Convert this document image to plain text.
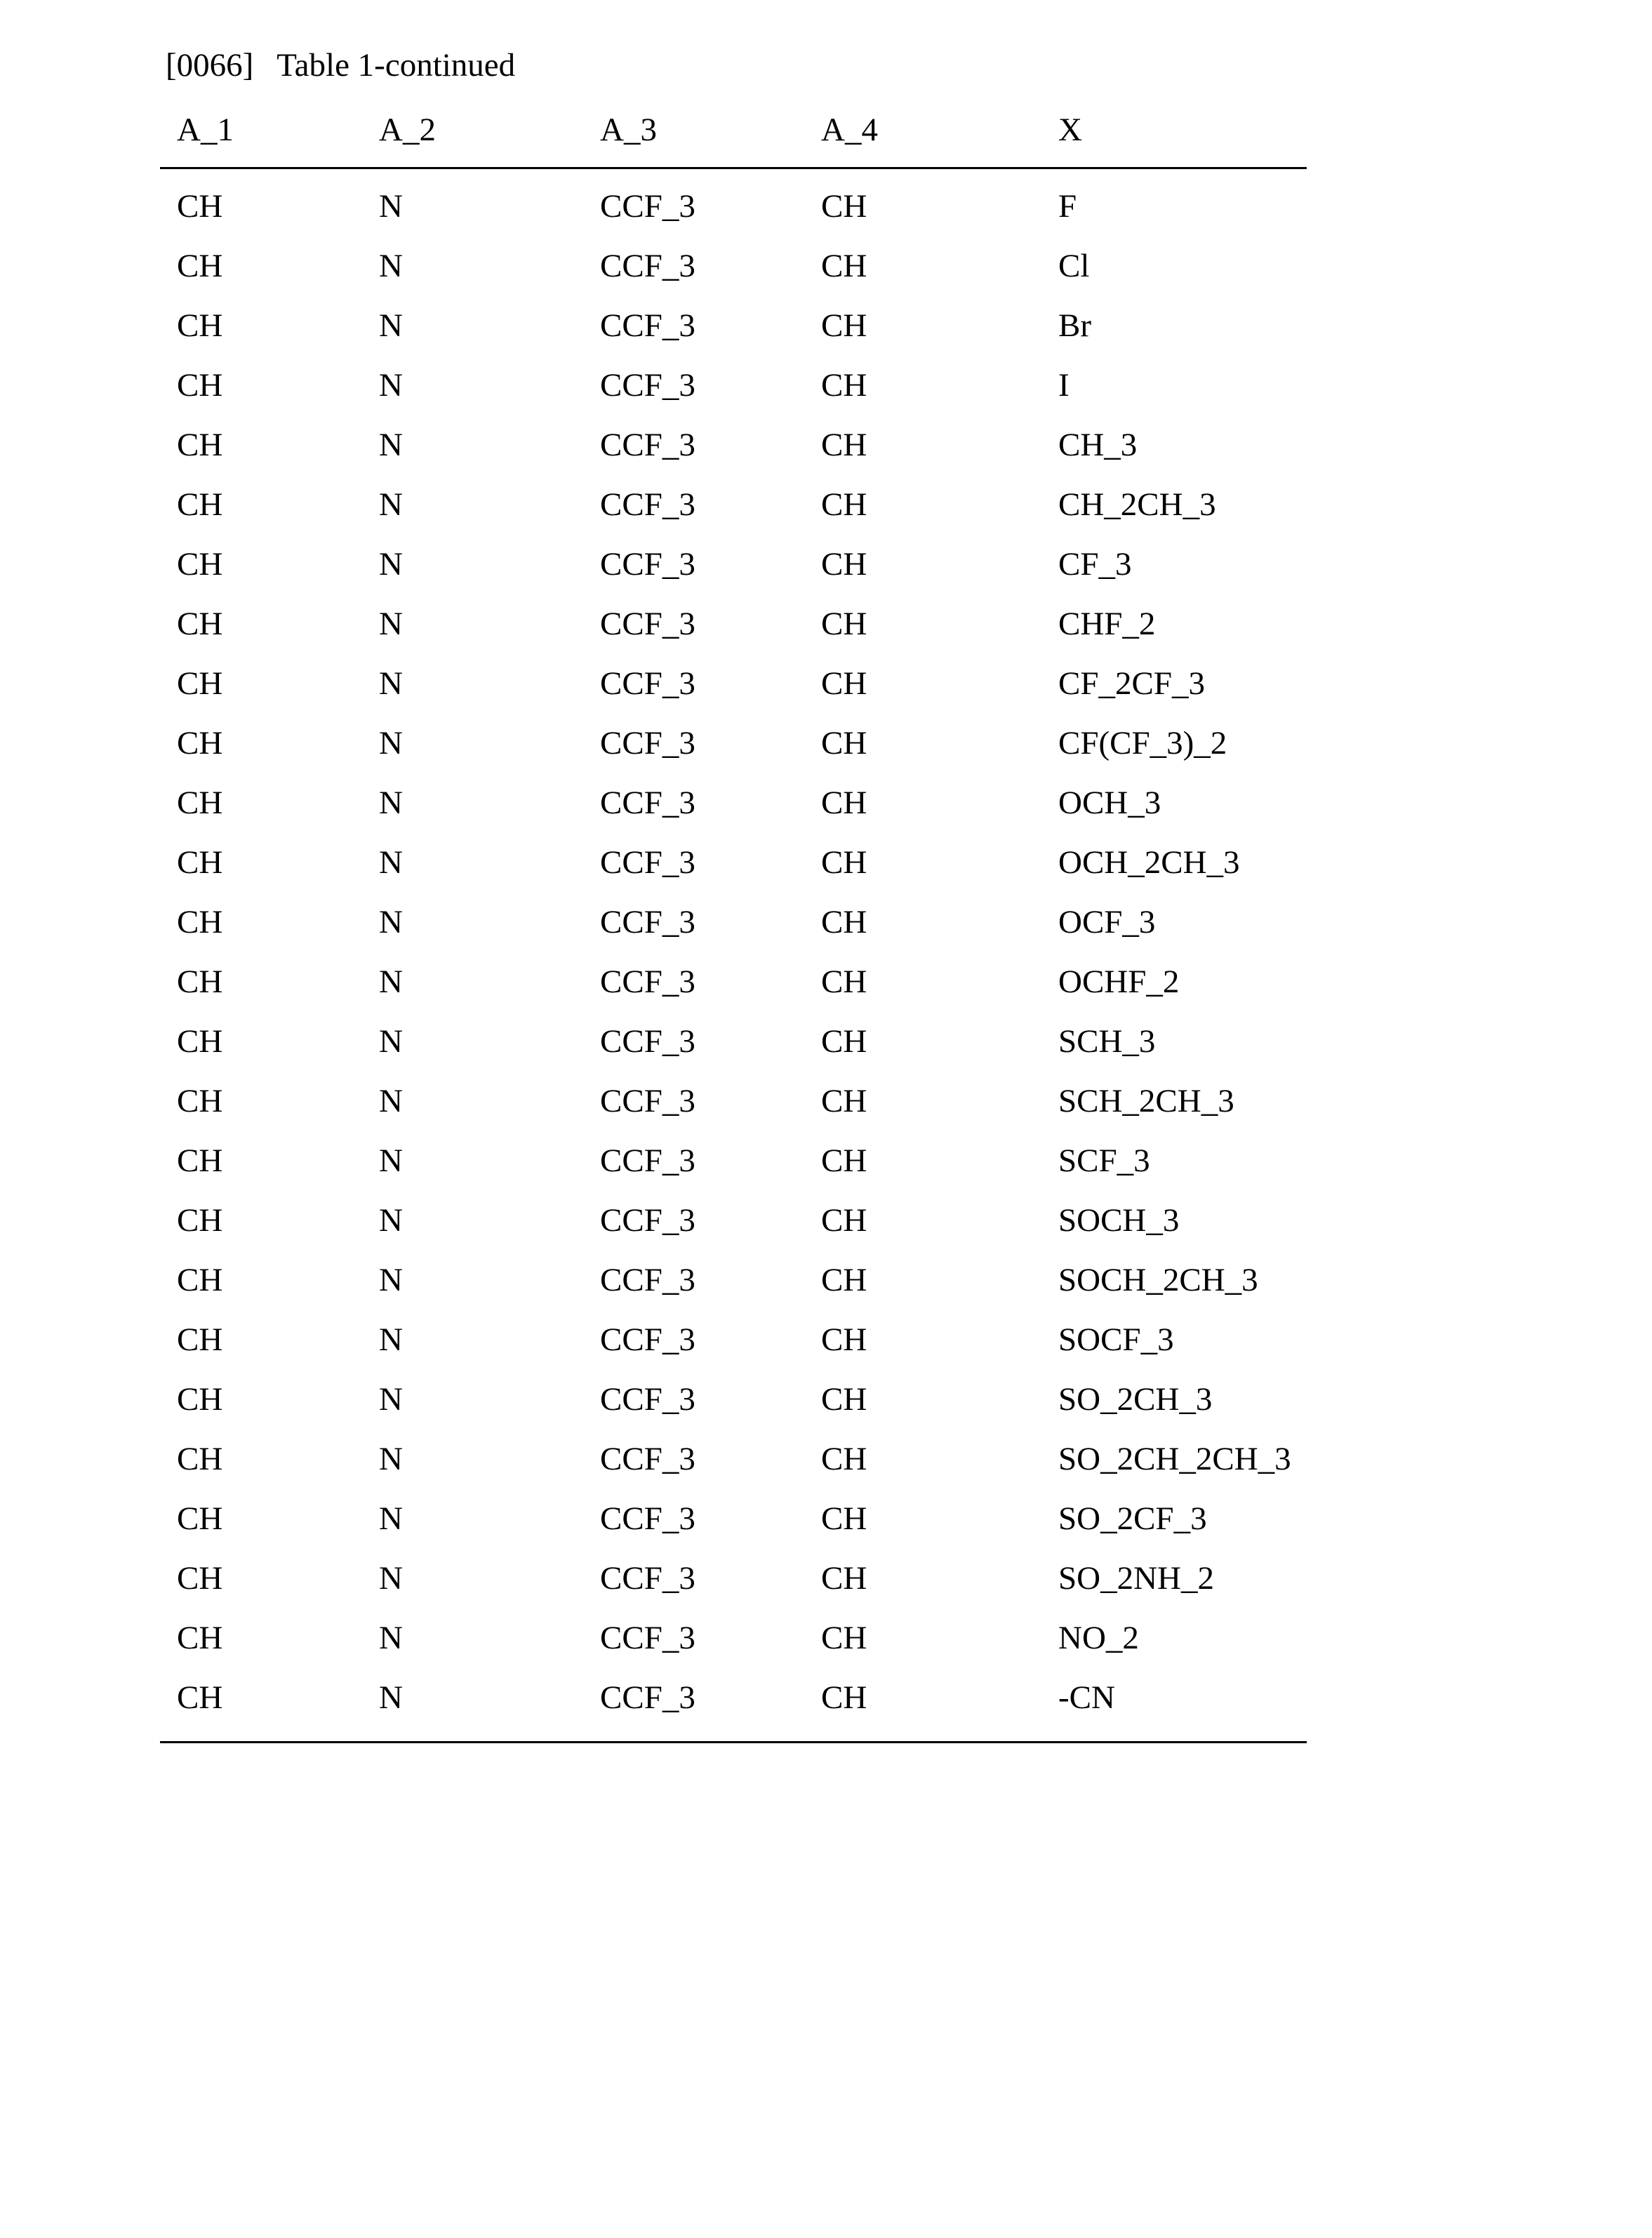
[0066] Table 1-continued
A_1	A_2	A_3	A_4	X
CH	N	CCF_3	CH	F
CH	N	CCF_3	CH	Cl
CH	N	CCF_3	CH	Br
CH	N	CCF_3	CH	I
CH	N	CCF_3	CH	CH_3
CH	N	CCF_3	CH	CH_2CH_3
CH	N	CCF_3	CH	CF_3
CH	N	CCF_3	CH	CHF_2
CH	N	CCF_3	CH	CF_2CF_3
CH	N	CCF_3	CH	CF(CF_3)_2
CH	N	CCF_3	CH	OCH_3
CH	N	CCF_3	CH	OCH_2CH_3
CH	N	CCF_3	CH	OCF_3
CH	N	CCF_3	CH	OCHF_2
CH	N	CCF_3	CH	SCH_3
CH	N	CCF_3	CH	SCH_2CH_3
CH	N	CCF_3	CH	SCF_3
CH	N	CCF_3	CH	SOCH_3
CH	N	CCF_3	CH	SOCH_2CH_3
CH	N	CCF_3	CH	SOCF_3
CH	N	CCF_3	CH	SO_2CH_3
CH	N	CCF_3	CH	SO_2CH_2CH_3
CH	N	CCF_3	CH	SO_2CF_3
CH	N	CCF_3	CH	SO_2NH_2
CH	N	CCF_3	CH	NO_2
CH	N	CCF_3	CH	-CN
